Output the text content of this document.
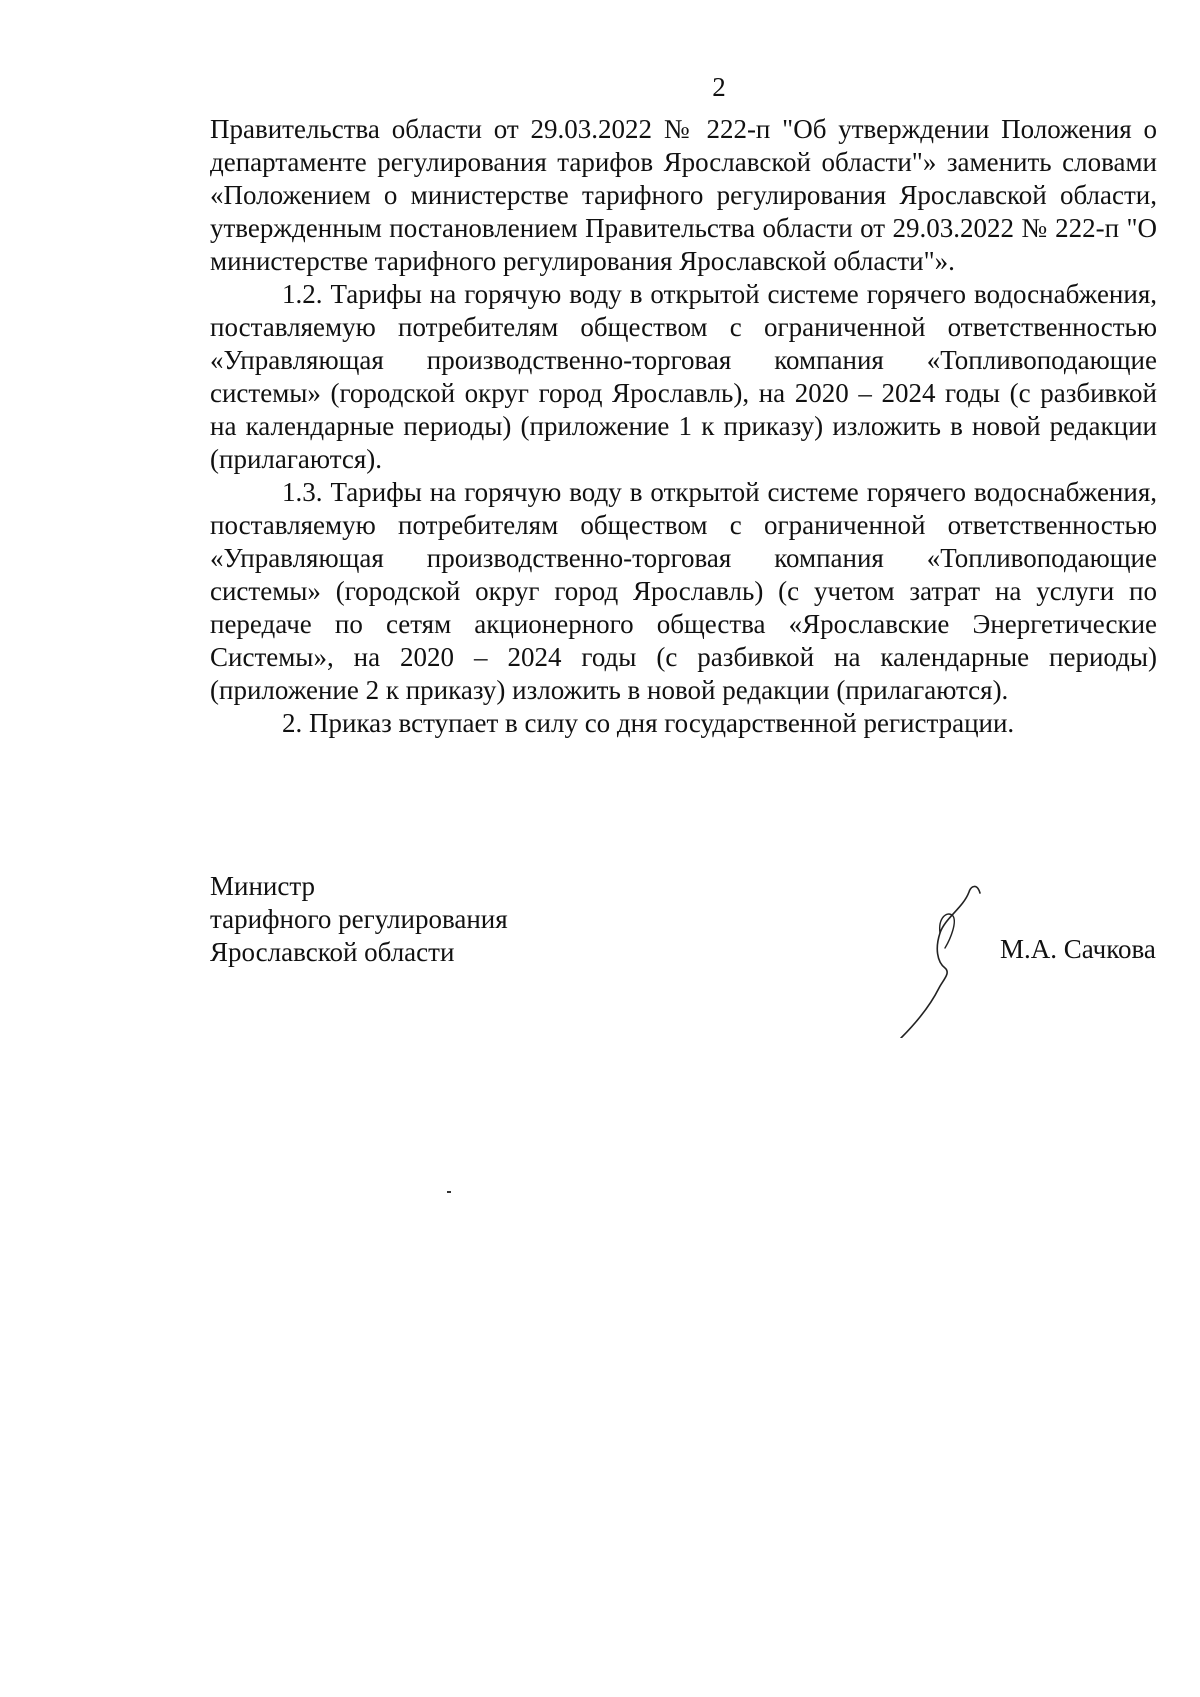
2

Правительства области от 29.03.2022 № 222-п "Об утверждении Положения о департаменте регулирования тарифов Ярославской области"» заменить словами «Положением о министерстве тарифного регулирования Ярославской области, утвержденным постановлением Правительства области от 29.03.2022 № 222-п "О министерстве тарифного регулирования Ярославской области"».

1.2. Тарифы на горячую воду в открытой системе горячего водоснабжения, поставляемую потребителям обществом с ограниченной ответственностью «Управляющая производственно-торговая компания «Топливоподающие системы» (городской округ город Ярославль), на 2020 – 2024 годы (с разбивкой на календарные периоды) (приложение 1 к приказу) изложить в новой редакции (прилагаются).

1.3. Тарифы на горячую воду в открытой системе горячего водоснабжения, поставляемую потребителям обществом с ограниченной ответственностью «Управляющая производственно-торговая компания «Топливоподающие системы» (городской округ город Ярославль) (с учетом затрат на услуги по передаче по сетям акционерного общества «Ярославские Энергетические Системы», на 2020 – 2024 годы (с разбивкой на календарные периоды) (приложение 2 к приказу) изложить в новой редакции (прилагаются).

2. Приказ вступает в силу со дня государственной регистрации.

Министр
тарифного регулирования
Ярославской области	М.А. Сачкова
